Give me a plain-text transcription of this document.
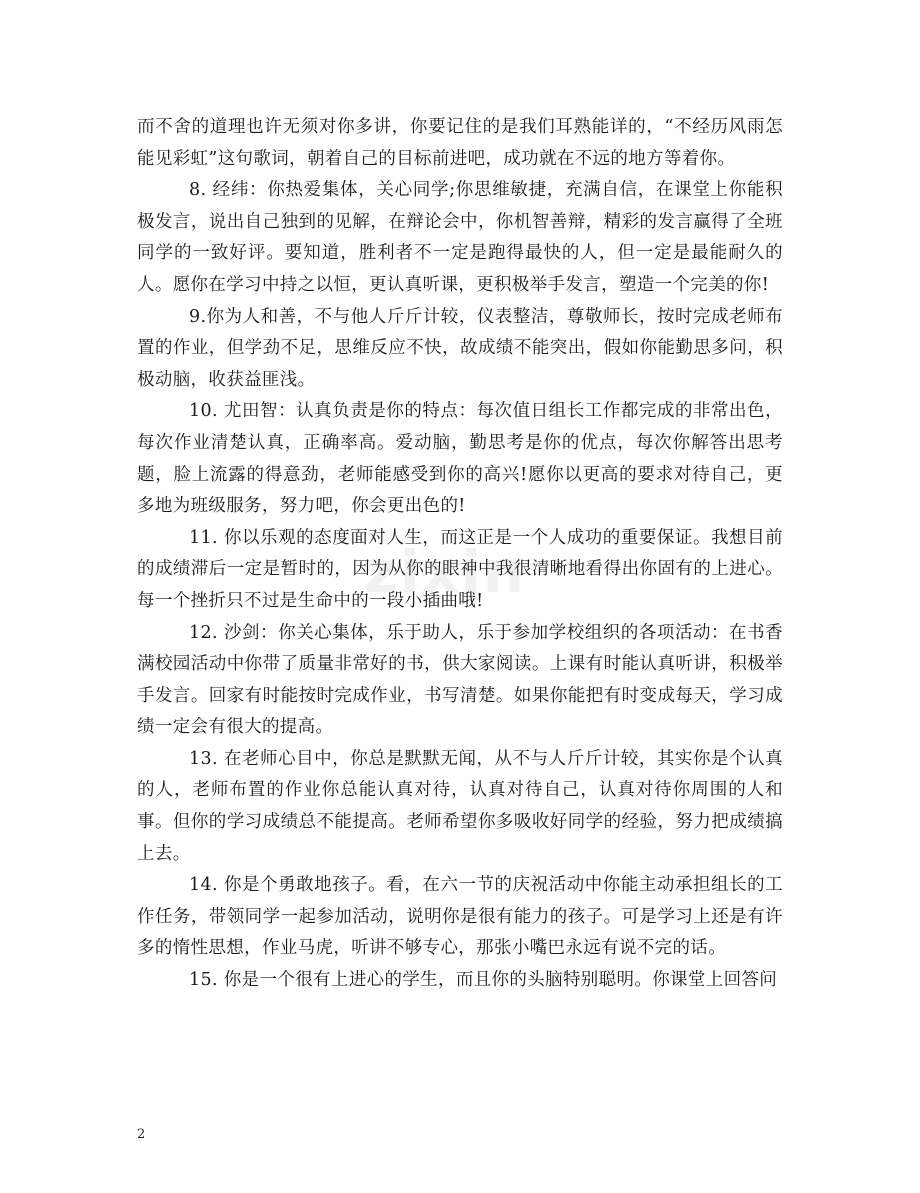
而不舍的道理也许无须对你多讲，你要记住的是我们耳熟能详的，“不经历风雨怎能见彩虹”这句歌词，朝着自己的目标前进吧，成功就在不远的地方等着你。

8. 经纬：你热爱集体，关心同学;你思维敏捷，充满自信，在课堂上你能积极发言，说出自己独到的见解，在辩论会中，你机智善辩，精彩的发言赢得了全班同学的一致好评。要知道，胜利者不一定是跑得最快的人，但一定是最能耐久的人。愿你在学习中持之以恒，更认真听课，更积极举手发言，塑造一个完美的你!

9.你为人和善，不与他人斤斤计较，仪表整洁，尊敬师长，按时完成老师布置的作业，但学劲不足，思维反应不快，故成绩不能突出，假如你能勤思多问，积极动脑，收获益匪浅。

10. 尤田智：认真负责是你的特点：每次值日组长工作都完成的非常出色，每次作业清楚认真，正确率高。爱动脑，勤思考是你的优点，每次你解答出思考题，脸上流露的得意劲，老师能感受到你的高兴!愿你以更高的要求对待自己，更多地为班级服务，努力吧，你会更出色的!

11. 你以乐观的态度面对人生，而这正是一个人成功的重要保证。我想目前的成绩滞后一定是暂时的，因为从你的眼神中我很清晰地看得出你固有的上进心。每一个挫折只不过是生命中的一段小插曲哦!

12. 沙剑：你关心集体，乐于助人，乐于参加学校组织的各项活动：在书香满校园活动中你带了质量非常好的书，供大家阅读。上课有时能认真听讲，积极举手发言。回家有时能按时完成作业，书写清楚。如果你能把有时变成每天，学习成绩一定会有很大的提高。

13. 在老师心目中，你总是默默无闻，从不与人斤斤计较，其实你是个认真的人，老师布置的作业你总能认真对待，认真对待自己，认真对待你周围的人和事。但你的学习成绩总不能提高。老师希望你多吸收好同学的经验，努力把成绩搞上去。

14. 你是个勇敢地孩子。看，在六一节的庆祝活动中你能主动承担组长的工作任务，带领同学一起参加活动，说明你是很有能力的孩子。可是学习上还是有许多的惰性思想，作业马虎，听讲不够专心，那张小嘴巴永远有说不完的话。

15. 你是一个很有上进心的学生，而且你的头脑特别聪明。你课堂上回答问

zixin
2
